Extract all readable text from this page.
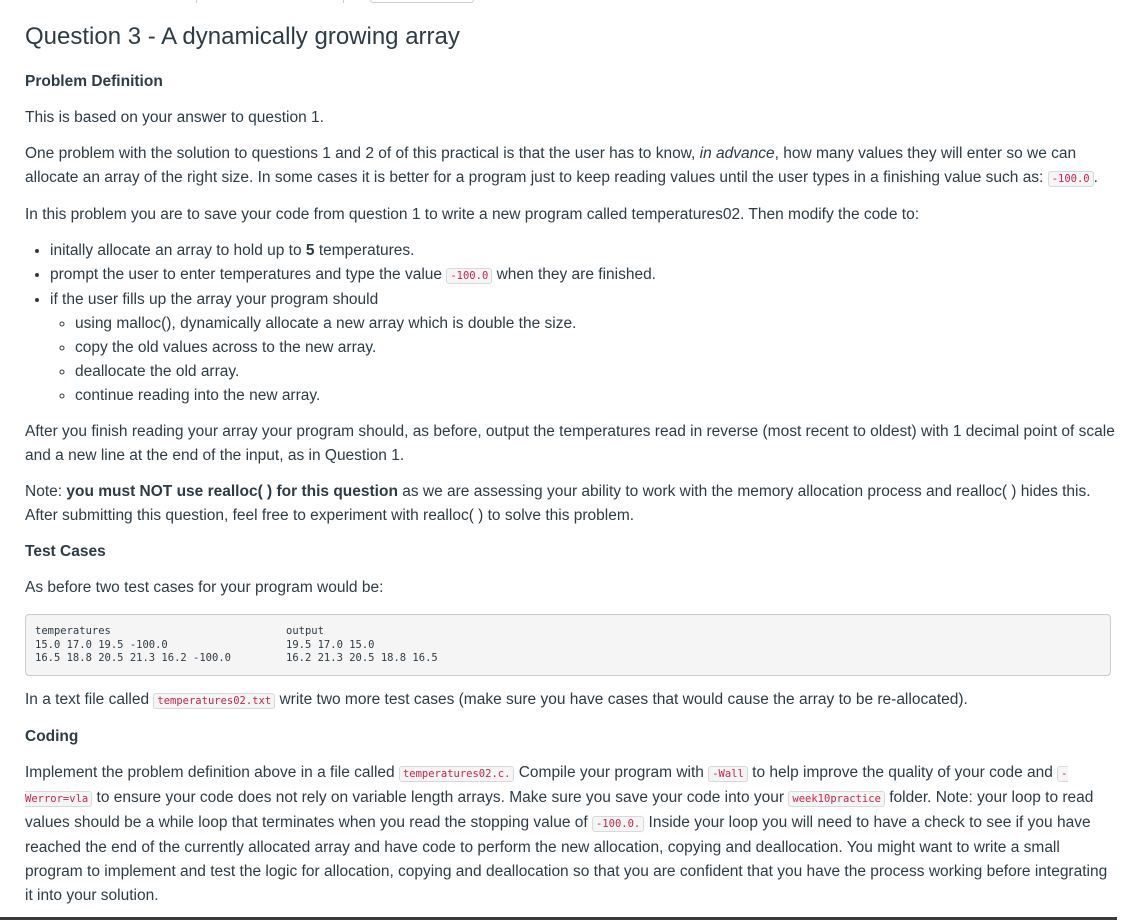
Question 3 - A dynamically growing array
Problem Definition

This is based on your answer to question 1.

One problem with the solution to questions 1 and 2 of of this practical is that the user has to know, in advance, how many values they will enter so we can allocate an array of the right size. In some cases it is better for a program just to keep reading values until the user types in a finishing value such as: -100.0 .

In this problem you are to save your code from question 1 to write a new program called temperatures02. Then modify the code to:

• initally allocate an array to hold up to 5 temperatures.
• prompt the user to enter temperatures and type the value -100.0 when they are finished.
• if the user fills up the array your program should
◦ using malloc(), dynamically allocate a new array which is double the size.
◦ copy the old values across to the new array.
◦ deallocate the old array.
◦ continue reading into the new array.

After you finish reading your array your program should, as before, output the temperatures read in reverse (most recent to oldest) with 1 decimal point of scale and a new line at the end of the input, as in Question 1.

Note: you must NOT use realloc( ) for this question as we are assessing your ability to work with the memory allocation process and realloc( ) hides this. After submitting this question, feel free to experiment with realloc( ) to solve this problem.

Test Cases

As before two test cases for your program would be:

temperatures
15.0 17.0 19.5 -100.0
16.5 18.8 20.5 21.3 16.2 -100.0
output
19.5 17.0 15.0
16.2 21.3 20.5 18.8 16.5

In a text file called temperatures02.txt write two more test cases (make sure you have cases that would cause the array to be re-allocated).

Coding

Implement the problem definition above in a file called temperatures02.c. Compile your program with -Wall to help improve the quality of your code and -Werror=vla to ensure your code does not rely on variable length arrays. Make sure you save your code into your week10practice folder. Note: your loop to read values should be a while loop that terminates when you read the stopping value of -100.0. Inside your loop you will need to have a check to see if you have reached the end of the currently allocated array and have code to perform the new allocation, copying and deallocation. You might want to write a small program to implement and test the logic for allocation, copying and deallocation so that you are confident that you have the process working before integrating it into your solution.
